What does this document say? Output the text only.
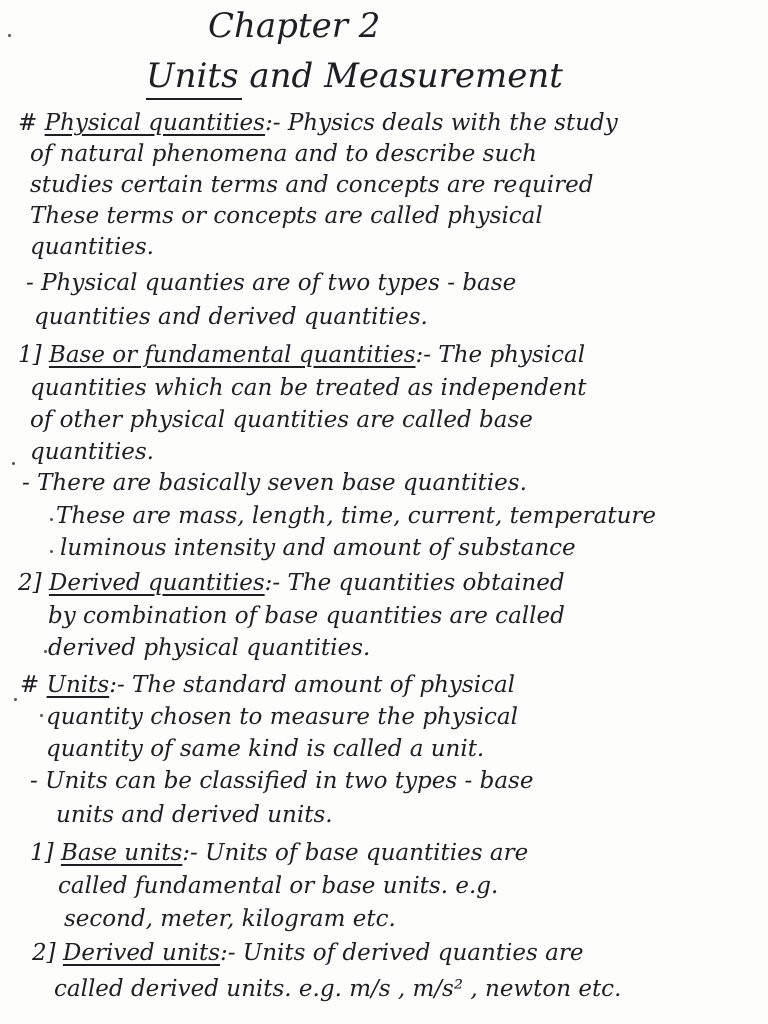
Chapter 2
Units and Measurement
# Physical quantities:- Physics deals with the study
of natural phenomena and to describe such
studies certain terms and concepts are required
These terms or concepts are called physical
quantities.
- Physical quanties are of two types - base
quantities and derived quantities.
1] Base or fundamental quantities:- The physical
quantities which can be treated as independent
of other physical quantities are called base
quantities.
- There are basically seven base quantities.
These are mass, length, time, current, temperature
luminous intensity and amount of substance
2] Derived quantities:- The quantities obtained
by combination of base quantities are called
derived physical quantities.
# Units:- The standard amount of physical
quantity chosen to measure the physical
quantity of same kind is called a unit.
- Units can be classified in two types - base
units and derived units.
1] Base units:- Units of base quantities are
called fundamental or base units. e.g.
second, meter, kilogram etc.
2] Derived units:- Units of derived quanties are
called derived units. e.g. m/s , m/s² , newton etc.
